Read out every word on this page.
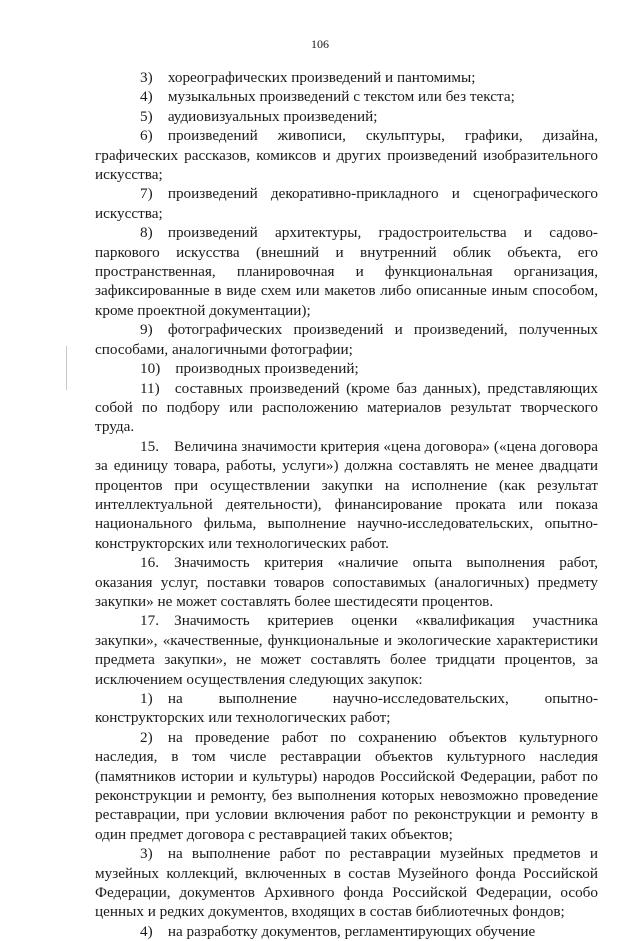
106

3) хореографических произведений и пантомимы;

4) музыкальных произведений с текстом или без текста;

5) аудиовизуальных произведений;

6) произведений живописи, скульптуры, графики, дизайна, графических рассказов, комиксов и других произведений изобразительного искусства;

7) произведений декоративно-прикладного и сценографического искусства;

8) произведений архитектуры, градостроительства и садово-паркового искусства (внешний и внутренний облик объекта, его пространственная, планировочная и функциональная организация, зафиксированные в виде схем или макетов либо описанные иным способом, кроме проектной документации);

9) фотографических произведений и произведений, полученных способами, аналогичными фотографии;

10) производных произведений;

11) составных произведений (кроме баз данных), представляющих собой по подбору или расположению материалов результат творческого труда.

15. Величина значимости критерия «цена договора» («цена договора за единицу товара, работы, услуги») должна составлять не менее двадцати процентов при осуществлении закупки на исполнение (как результат интеллектуальной деятельности), финансирование проката или показа национального фильма, выполнение научно-исследовательских, опытно-конструкторских или технологических работ.

16. Значимость критерия «наличие опыта выполнения работ, оказания услуг, поставки товаров сопоставимых (аналогичных) предмету закупки» не может составлять более шестидесяти процентов.

17. Значимость критериев оценки «квалификация участника закупки», «качественные, функциональные и экологические характеристики предмета закупки», не может составлять более тридцати процентов, за исключением осуществления следующих закупок:

1) на выполнение научно-исследовательских, опытно-конструкторских или технологических работ;

2) на проведение работ по сохранению объектов культурного наследия, в том числе реставрации объектов культурного наследия (памятников истории и культуры) народов Российской Федерации, работ по реконструкции и ремонту, без выполнения которых невозможно проведение реставрации, при условии включения работ по реконструкции и ремонту в один предмет договора с реставрацией таких объектов;

3) на выполнение работ по реставрации музейных предметов и музейных коллекций, включенных в состав Музейного фонда Российской Федерации, документов Архивного фонда Российской Федерации, особо ценных и редких документов, входящих в состав библиотечных фондов;

4) на разработку документов, регламентирующих обучение
